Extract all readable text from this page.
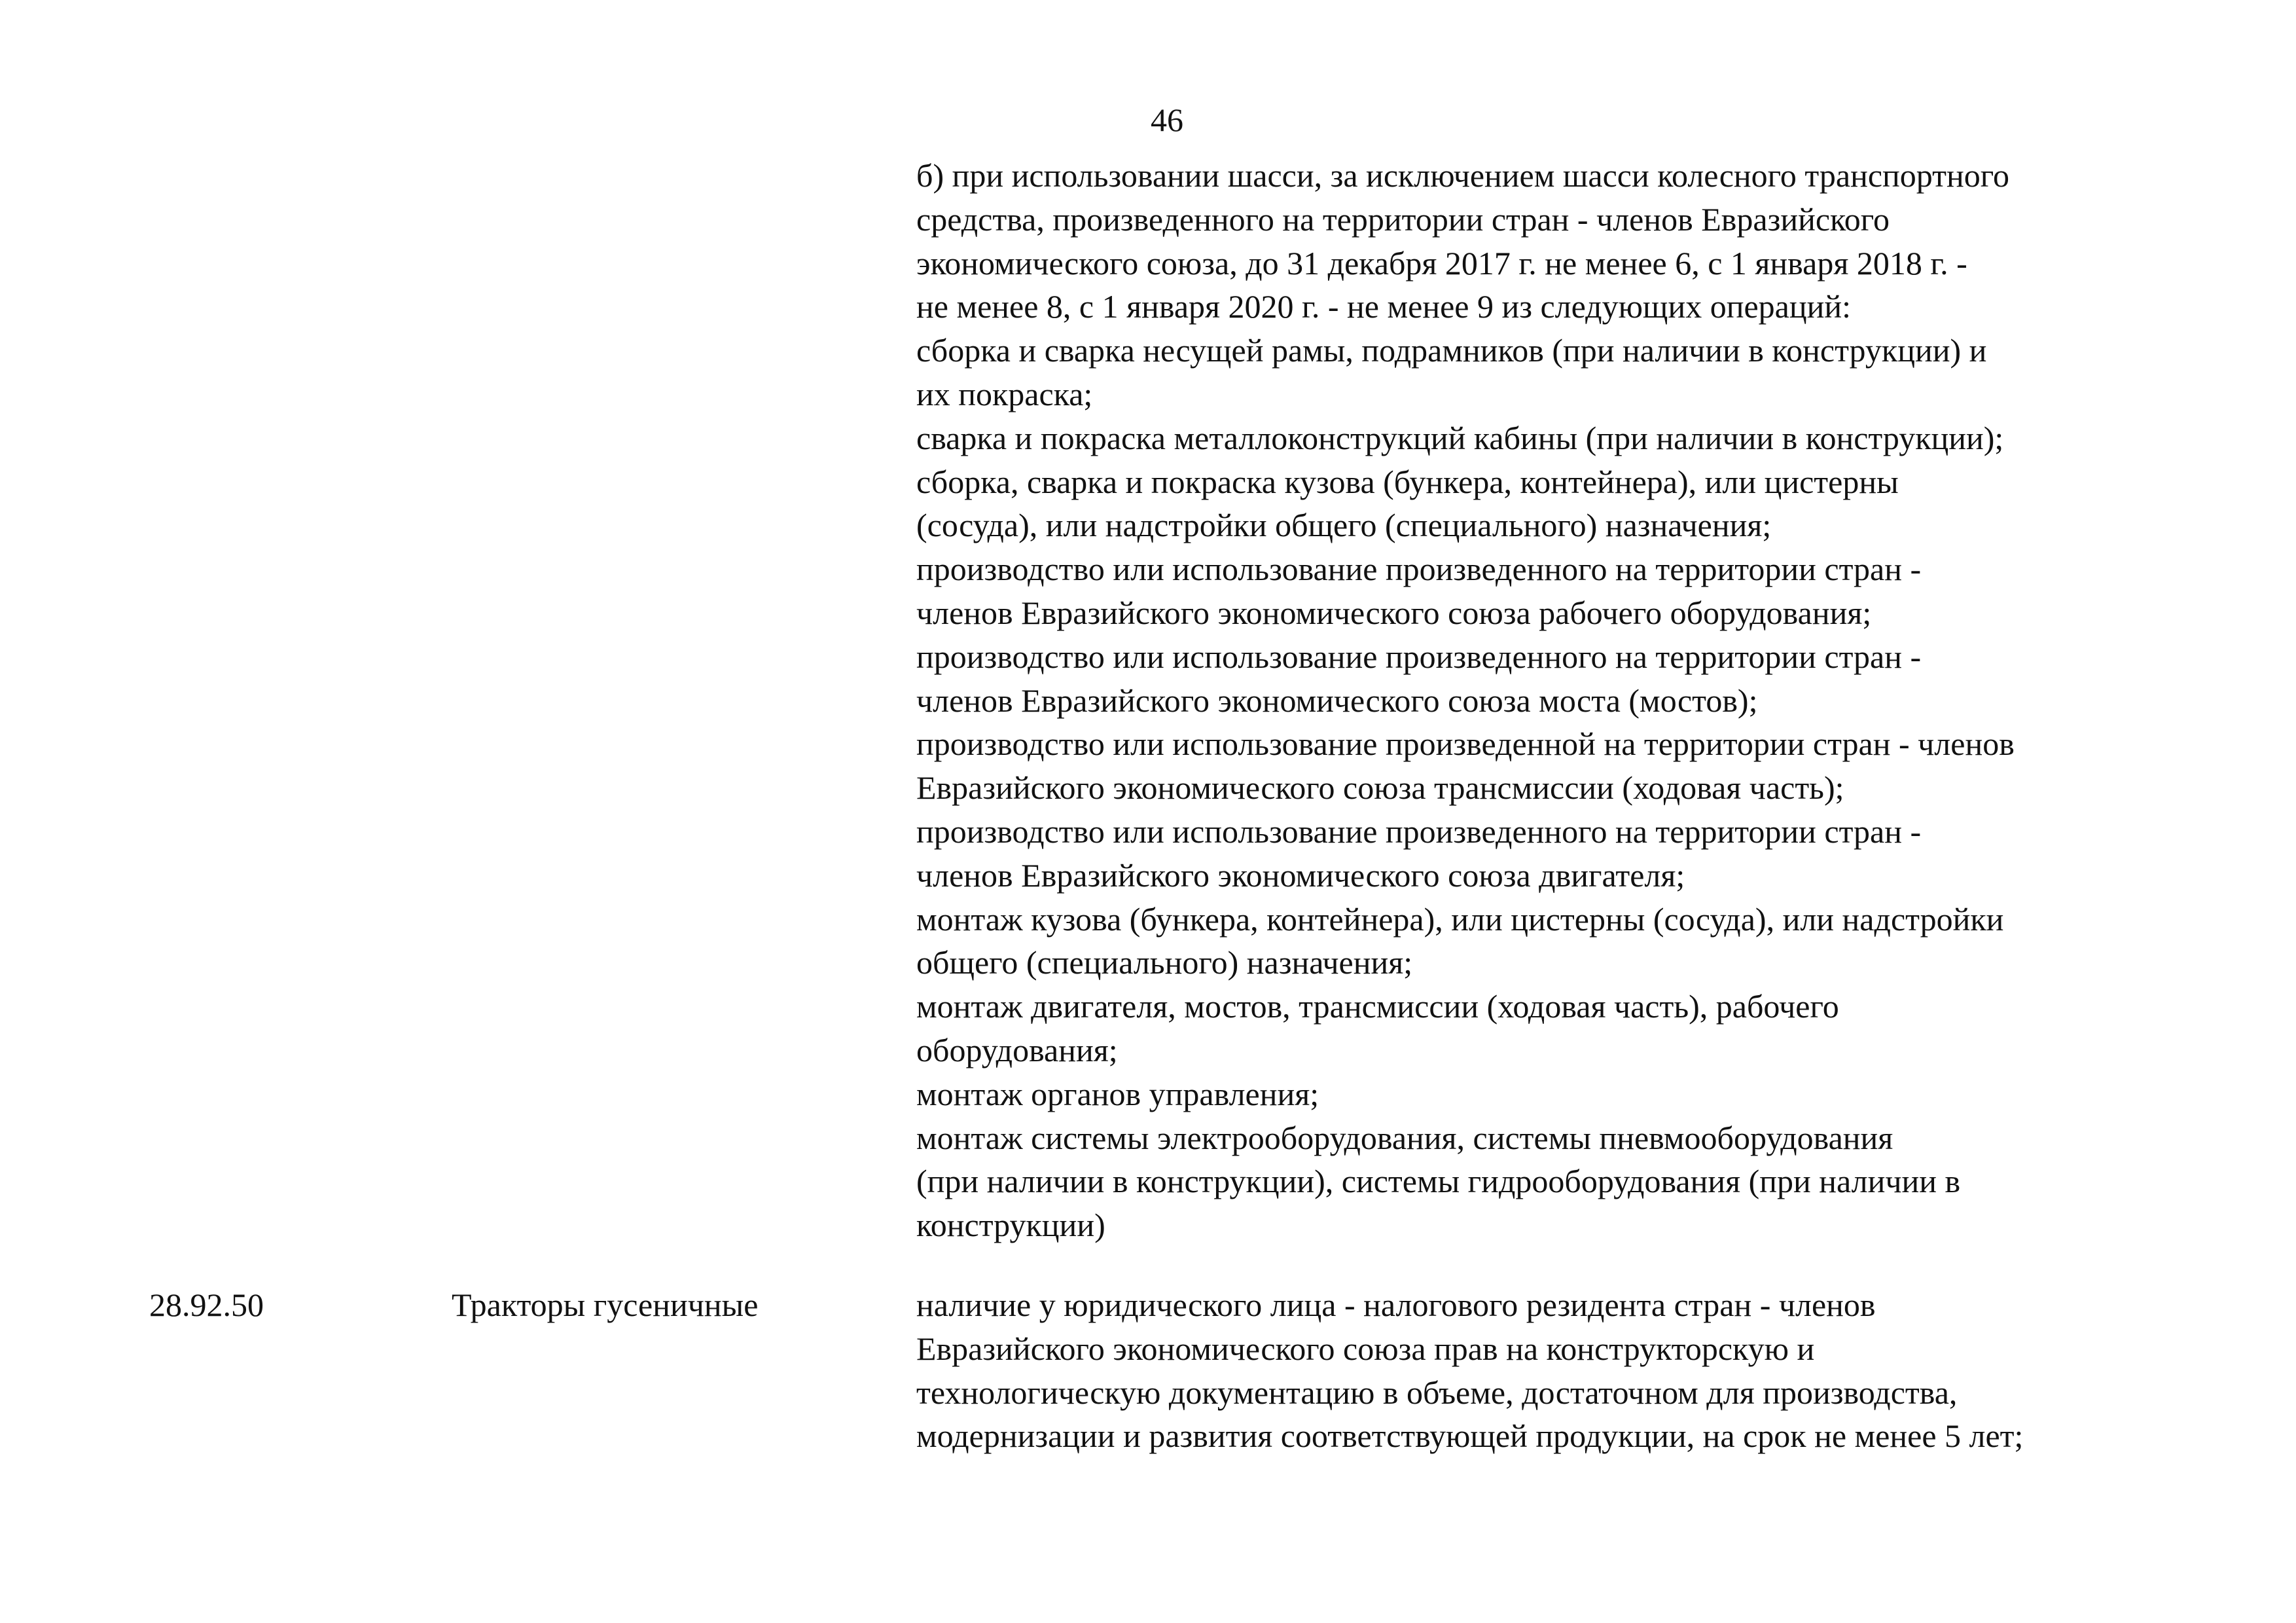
46
б) при использовании шасси, за исключением шасси колесного транспортного
средства, произведенного на территории стран - членов Евразийского
экономического союза, до 31 декабря 2017 г. не менее 6, с 1 января 2018 г. -
не менее 8, с 1 января 2020 г. - не менее 9 из следующих операций:
сборка и сварка несущей рамы, подрамников (при наличии в конструкции) и
их покраска;
сварка и покраска металлоконструкций кабины (при наличии в конструкции);
сборка, сварка и покраска кузова (бункера, контейнера), или цистерны
(сосуда), или надстройки общего (специального) назначения;
производство или использование произведенного на территории стран -
членов Евразийского экономического союза рабочего оборудования;
производство или использование произведенного на территории стран -
членов Евразийского экономического союза моста (мостов);
производство или использование произведенной на территории стран - членов
Евразийского экономического союза трансмиссии (ходовая часть);
производство или использование произведенного на территории стран -
членов Евразийского экономического союза двигателя;
монтаж кузова (бункера, контейнера), или цистерны (сосуда), или надстройки
общего (специального) назначения;
монтаж двигателя, мостов, трансмиссии (ходовая часть), рабочего
оборудования;
монтаж органов управления;
монтаж системы электрооборудования, системы пневмооборудования
(при наличии в конструкции), системы гидрооборудования (при наличии в
конструкции)
28.92.50	Тракторы гусеничные	наличие у юридического лица - налогового резидента стран - членов
Евразийского экономического союза прав на конструкторскую и
технологическую документацию в объеме, достаточном для производства,
модернизации и развития соответствующей продукции, на срок не менее 5 лет;
